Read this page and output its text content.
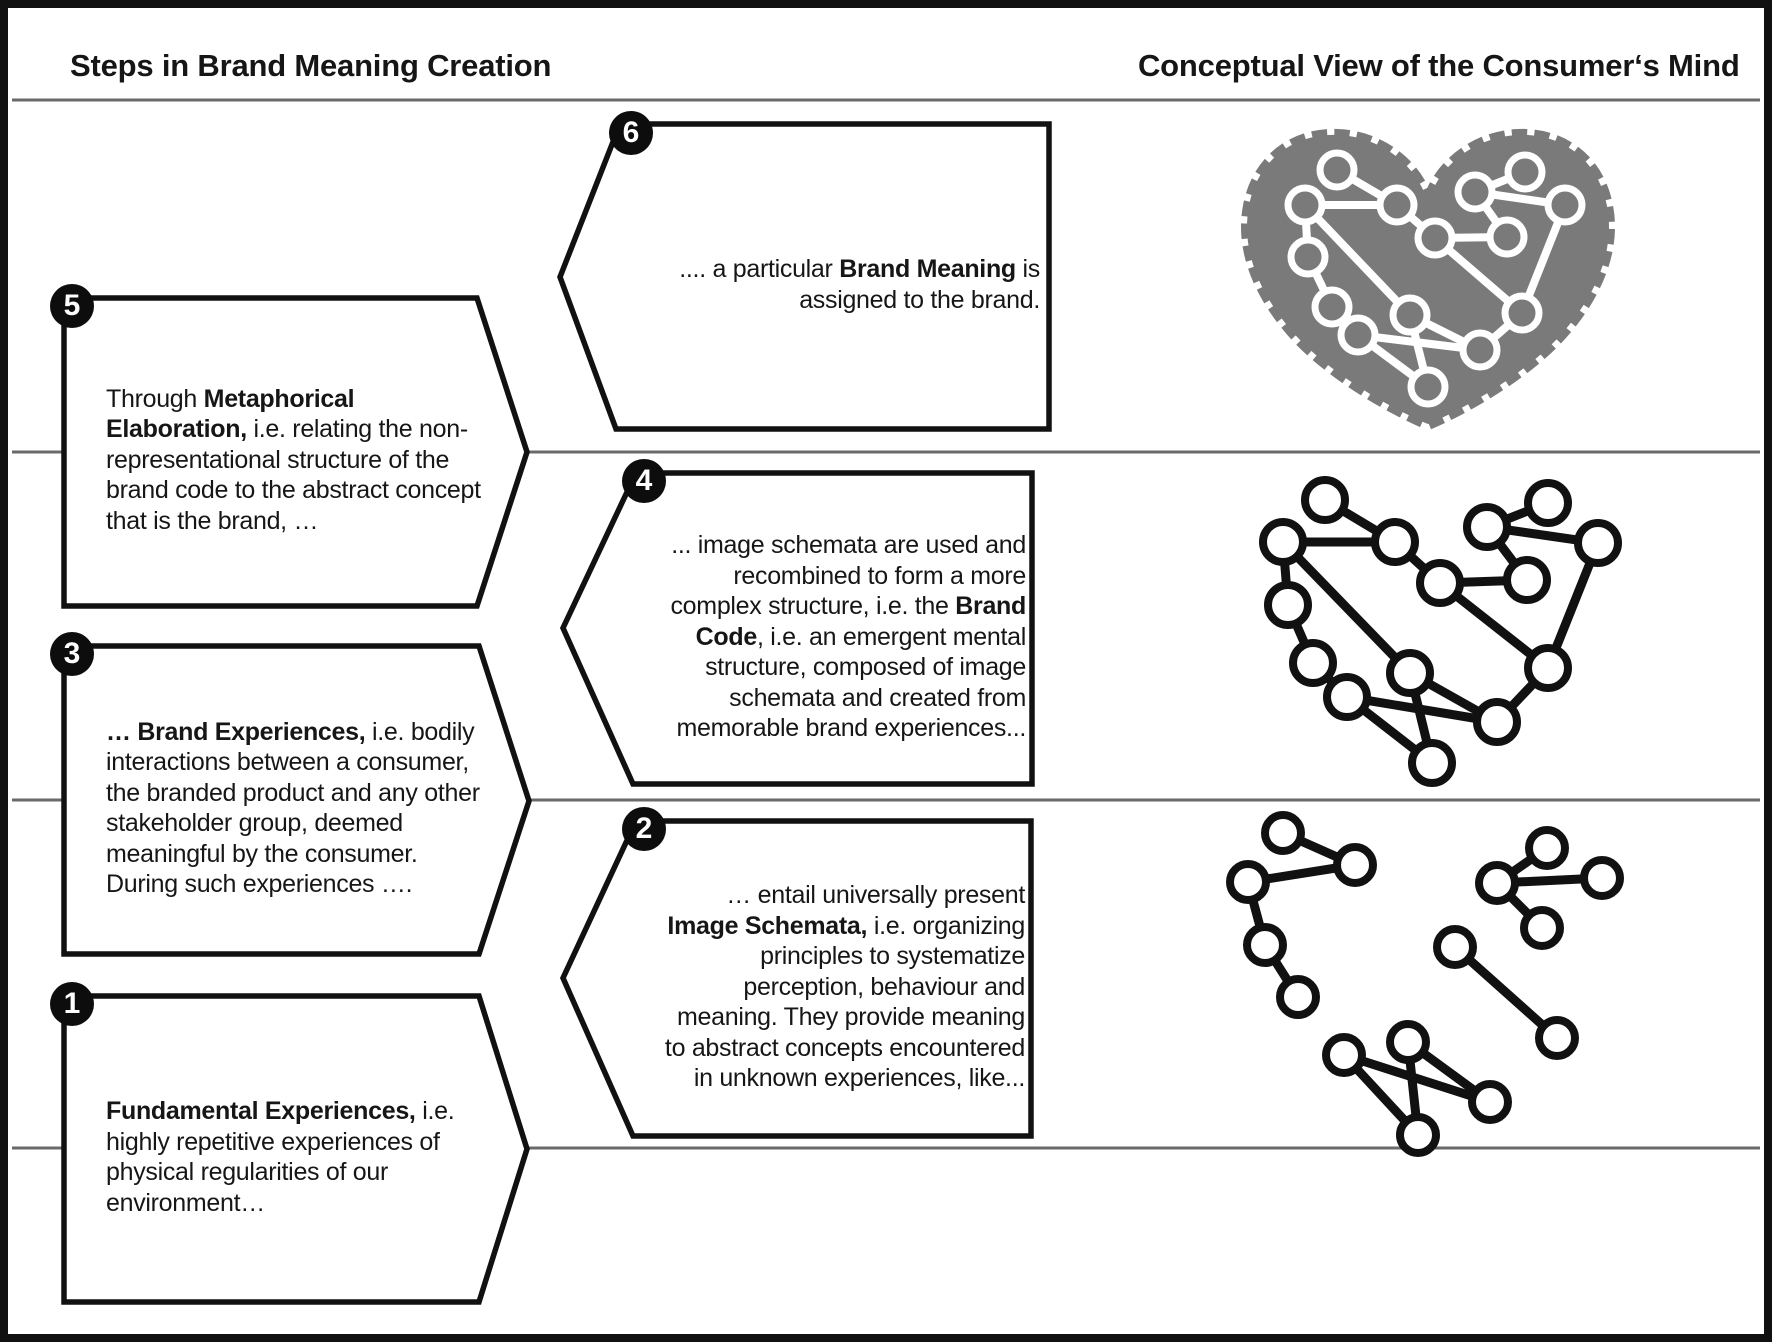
Steps in Brand Meaning Creation	Conceptual View of the Consumer‘s Mind
6
5
4
3
2
1
.... a particular Brand Meaning is assigned to the brand.
Through Metaphorical Elaboration, i.e. relating the non-representational structure of the brand code to the abstract concept that is the brand, …
... image schemata are used and recombined to form a more complex structure, i.e. the Brand Code, i.e. an emergent mental structure, composed of image schemata and created from memorable brand experiences...
… Brand Experiences, i.e. bodily interactions between a consumer, the branded product and any other stakeholder group, deemed meaningful by the consumer. During such experiences ….	… entail universally present Image Schemata, i.e. organizing principles to systematize perception, behaviour and meaning. They provide meaning to abstract concepts encountered in unknown experiences, like...
Fundamental Experiences, i.e. highly repetitive experiences of physical regularities of our environment…
